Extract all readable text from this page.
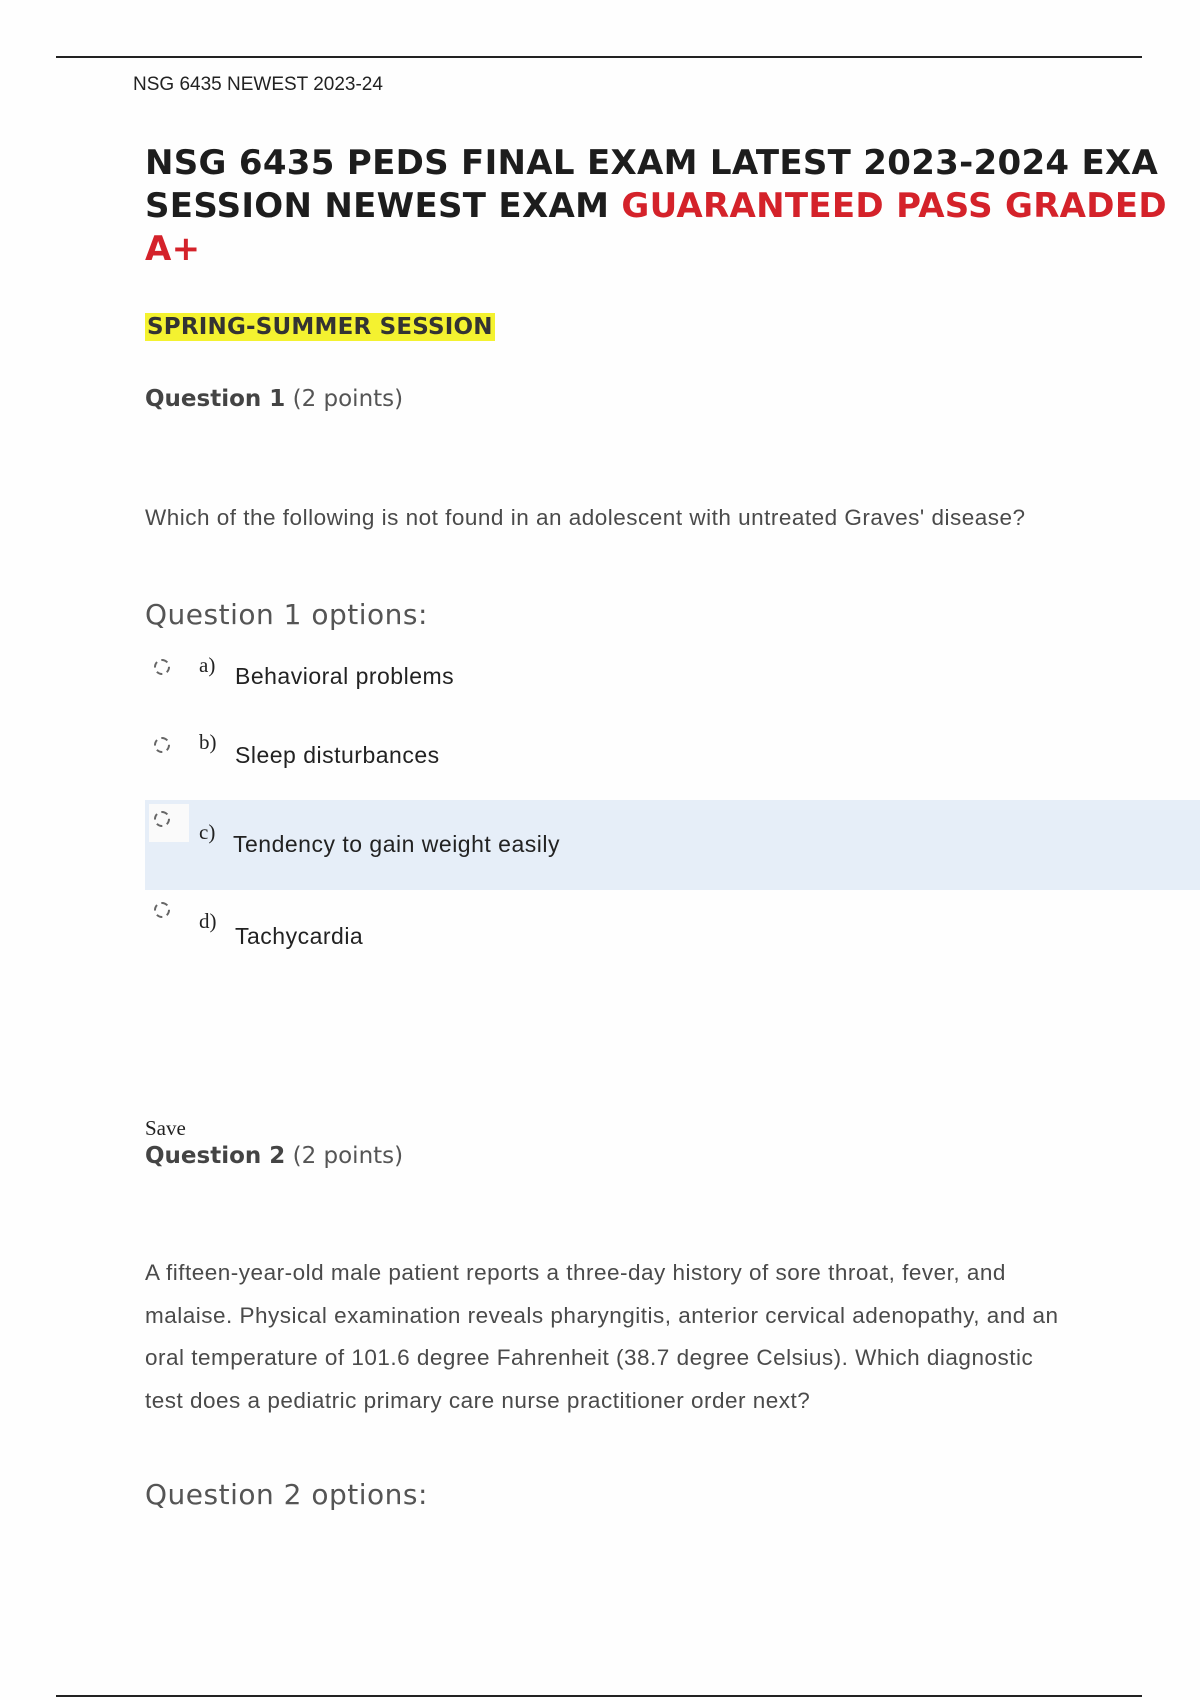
NSG 6435 NEWEST 2023-24
NSG 6435 PEDS FINAL EXAM LATEST 2023-2024 EXA SESSION NEWEST EXAM GUARANTEED PASS GRADED A+
SPRING-SUMMER SESSION
Question 1 (2 points)

Which of the following is not found in an adolescent with untreated Graves' disease?

Question 1 options:
a) Behavioral problems
b) Sleep disturbances
c) Tendency to gain weight easily
d)
Tachycardia
Save
Question 2 (2 points)

A fifteen-year-old male patient reports a three-day history of sore throat, fever, and malaise. Physical examination reveals pharyngitis, anterior cervical adenopathy, and an oral temperature of 101.6 degree Fahrenheit (38.7 degree Celsius). Which diagnostic test does a pediatric primary care nurse practitioner order next?

Question 2 options:
